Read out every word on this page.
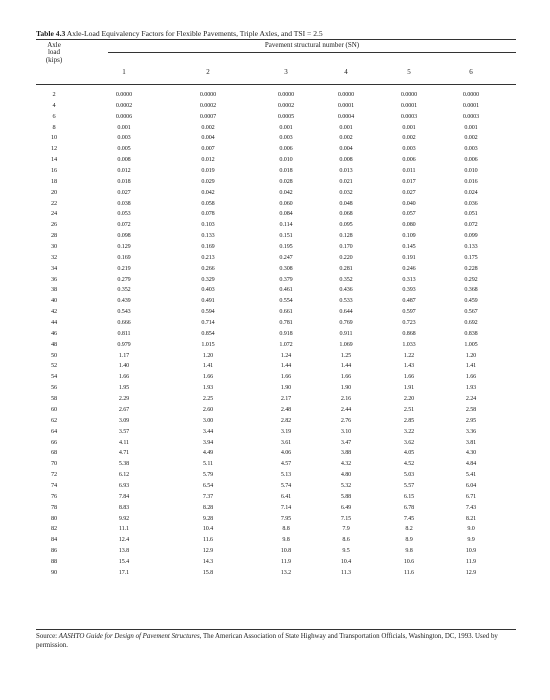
Table 4.3 Axle-Load Equivalency Factors for Flexible Pavements, Triple Axles, and TSI = 2.5
Axle
load
(kips)
Pavement structural number (SN)
1	2	3	4	5	6
2	0.0000	0.0000	0.0000	0.0000	0.0000	0.0000
4	0.0002	0.0002	0.0002	0.0001	0.0001	0.0001
6	0.0006	0.0007	0.0005	0.0004	0.0003	0.0003
8	0.001	0.002	0.001	0.001	0.001	0.001
10	0.003	0.004	0.003	0.002	0.002	0.002
12	0.005	0.007	0.006	0.004	0.003	0.003
14	0.008	0.012	0.010	0.008	0.006	0.006
16	0.012	0.019	0.018	0.013	0.011	0.010
18	0.018	0.029	0.028	0.021	0.017	0.016
20	0.027	0.042	0.042	0.032	0.027	0.024
22	0.038	0.058	0.060	0.048	0.040	0.036
24	0.053	0.078	0.084	0.068	0.057	0.051
26	0.072	0.103	0.114	0.095	0.080	0.072
28	0.098	0.133	0.151	0.128	0.109	0.099
30	0.129	0.169	0.195	0.170	0.145	0.133
32	0.169	0.213	0.247	0.220	0.191	0.175
34	0.219	0.266	0.308	0.281	0.246	0.228
36	0.279	0.329	0.379	0.352	0.313	0.292
38	0.352	0.403	0.461	0.436	0.393	0.368
40	0.439	0.491	0.554	0.533	0.487	0.459
42	0.543	0.594	0.661	0.644	0.597	0.567
44	0.666	0.714	0.781	0.769	0.723	0.692
46	0.811	0.854	0.918	0.911	0.868	0.838
48	0.979	1.015	1.072	1.069	1.033	1.005
50	1.17	1.20	1.24	1.25	1.22	1.20
52	1.40	1.41	1.44	1.44	1.43	1.41
54	1.66	1.66	1.66	1.66	1.66	1.66
56	1.95	1.93	1.90	1.90	1.91	1.93
58	2.29	2.25	2.17	2.16	2.20	2.24
60	2.67	2.60	2.48	2.44	2.51	2.58
62	3.09	3.00	2.82	2.76	2.85	2.95
64	3.57	3.44	3.19	3.10	3.22	3.36
66	4.11	3.94	3.61	3.47	3.62	3.81
68	4.71	4.49	4.06	3.88	4.05	4.30
70	5.38	5.11	4.57	4.32	4.52	4.84
72	6.12	5.79	5.13	4.80	5.03	5.41
74	6.93	6.54	5.74	5.32	5.57	6.04
76	7.84	7.37	6.41	5.88	6.15	6.71
78	8.83	8.28	7.14	6.49	6.78	7.43
80	9.92	9.28	7.95	7.15	7.45	8.21
82	11.1	10.4	8.8	7.9	8.2	9.0
84	12.4	11.6	9.8	8.6	8.9	9.9
86	13.8	12.9	10.8	9.5	9.8	10.9
88	15.4	14.3	11.9	10.4	10.6	11.9
90	17.1	15.8	13.2	11.3	11.6	12.9
Source: AASHTO Guide for Design of Pavement Structures, The American Association of State Highway and Transportation Officials, Washington, DC, 1993. Used by permission.
